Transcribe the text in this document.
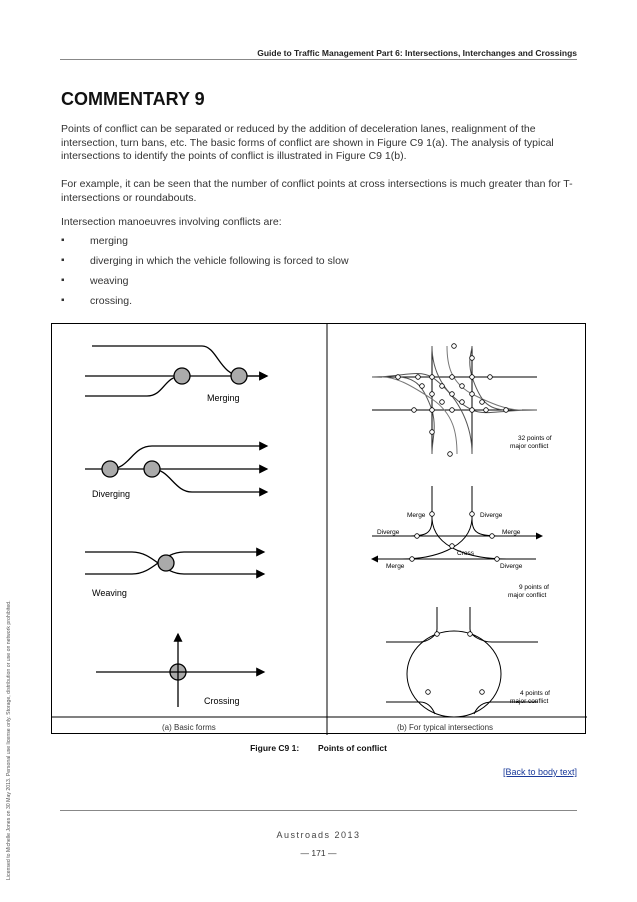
Guide to Traffic Management Part 6: Intersections, Interchanges and Crossings
COMMENTARY 9
Points of conflict can be separated or reduced by the addition of deceleration lanes, realignment of the intersection, turn bans, etc. The basic forms of conflict are shown in Figure C9 1(a). The analysis of typical intersections to identify the points of conflict is illustrated in Figure C9 1(b).
For example, it can be seen that the number of conflict points at cross intersections is much greater than for T-intersections or roundabouts.
Intersection manoeuvres involving conflicts are:
▪ merging
▪ diverging in which the vehicle following is forced to slow
▪ weaving
▪ crossing.
Merging
Diverging
Weaving
Crossing
32 points of
major conflict
Merge	Diverge
Diverge	Merge
Cross
Merge	Diverge
9 points of
major conflict
4 points of
major conflict
(a) Basic forms	(b) For typical intersections
Figure C9 1: Points of conflict
[Back to body text]
Austroads 2013
— 171 —
Licensed to Michelle Jones on 30 May 2013. Personal use license only. Storage, distribution or use on network prohibited.
